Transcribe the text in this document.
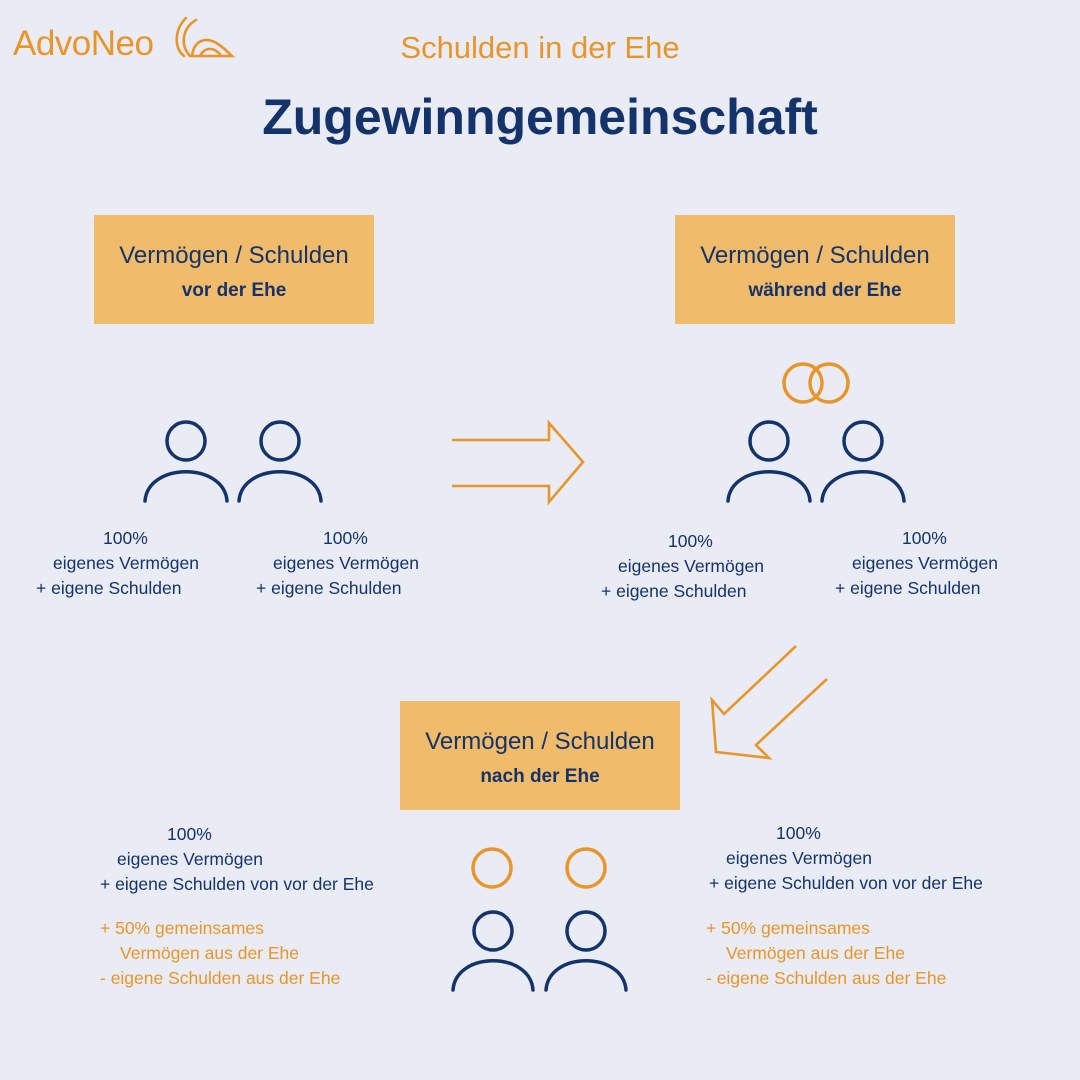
AdvoNeo	Schulden in der Ehe
Zugewinngemeinschaft
Vermögen / Schulden
vor der Ehe
Vermögen / Schulden
während der Ehe
Vermögen / Schulden
nach der Ehe
100%
eigenes Vermögen
+ eigene Schulden
100%
eigenes Vermögen
+ eigene Schulden
100%
eigenes Vermögen
+ eigene Schulden
100%
eigenes Vermögen
+ eigene Schulden
100%
eigenes Vermögen
+ eigene Schulden von vor der Ehe
+ 50% gemeinsames
Vermögen aus der Ehe
- eigene Schulden aus der Ehe
100%
eigenes Vermögen
+ eigene Schulden von vor der Ehe
+ 50% gemeinsames
Vermögen aus der Ehe
- eigene Schulden aus der Ehe
